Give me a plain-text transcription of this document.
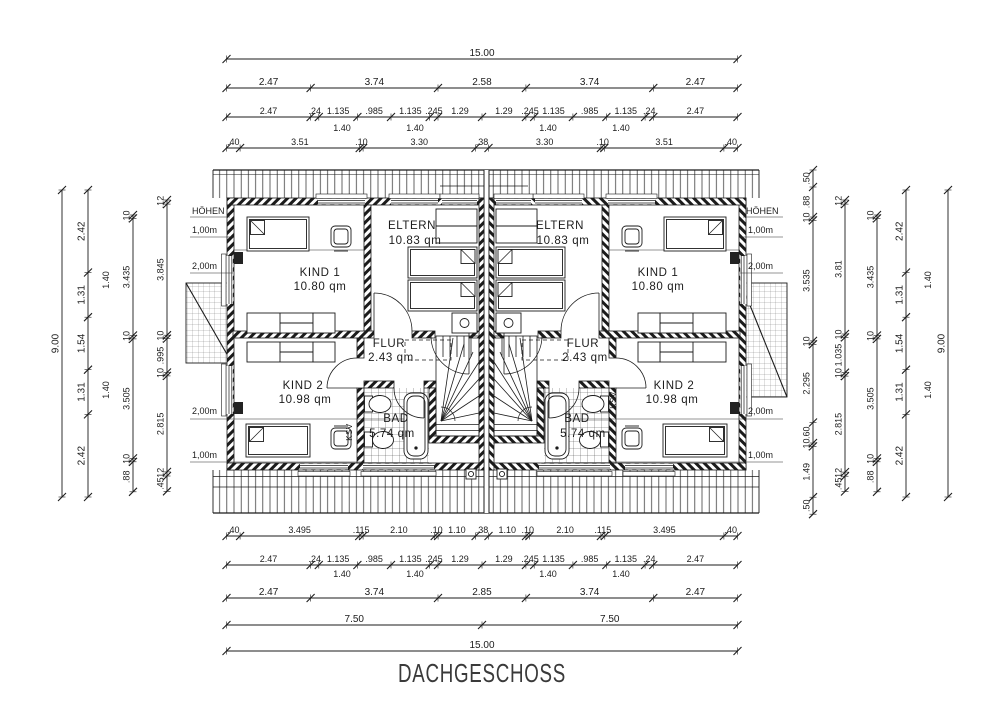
KIND 1
10.80 qm
ELTERN
10.83 qm
FLUR
2.43 qm
KIND 2
10.98 qm
BAD
5.74 qm
KSV
ELTERN
10.83 qm
KIND 1
10.80 qm
FLUR
2.43 qm
KIND 2
10.98 qm
BAD
5.74 qm
KSV
HÖHEN
1,00m
2,00m
2,00m
1,00m
HÖHEN
1,00m
2,00m
2,00m
1,00m
15.00
2.47	3.74	2.58	3.74	2.47
2.47	.24 1.135 .985 1.135 .245 1.29	1.29 .245 1.135 .985 1.135 .24	2.47
.40	3.51	.10	3.30	.38	3.30	.10	3.51	.40
.40	3.495	.115 2.10 .10 1.10 .38 1.10 .10 2.10 .115	3.495	.40
2.47	.24 1.135 .985 1.135 .245 1.29	1.29 .245 1.135 .985 1.135 .24	2.47
2.47	3.74	2.85	3.74	2.47
7.50	7.50
15.00
9.00
2.42
1.31
1.54
1.31
2.42
.10
3.435
.10
3.505
.10
.88
.12
3.845
.10
.995
.10
2.815
.12
.45
.50
.88
.10
3.535
.10
2.295
.60
.10
1.49
.50
.12
3.81
.10
1.035
.10
2.815
.12
.45
.10
3.435
.10
3.505
.10
.88
2.42
1.31
1.54
1.31
2.42
9.00
1.40	1.40	1.40	1.40
1.40	1.40	1.40	1.40
1.40
1.40
1.40
1.40
DACHGESCHOSS
